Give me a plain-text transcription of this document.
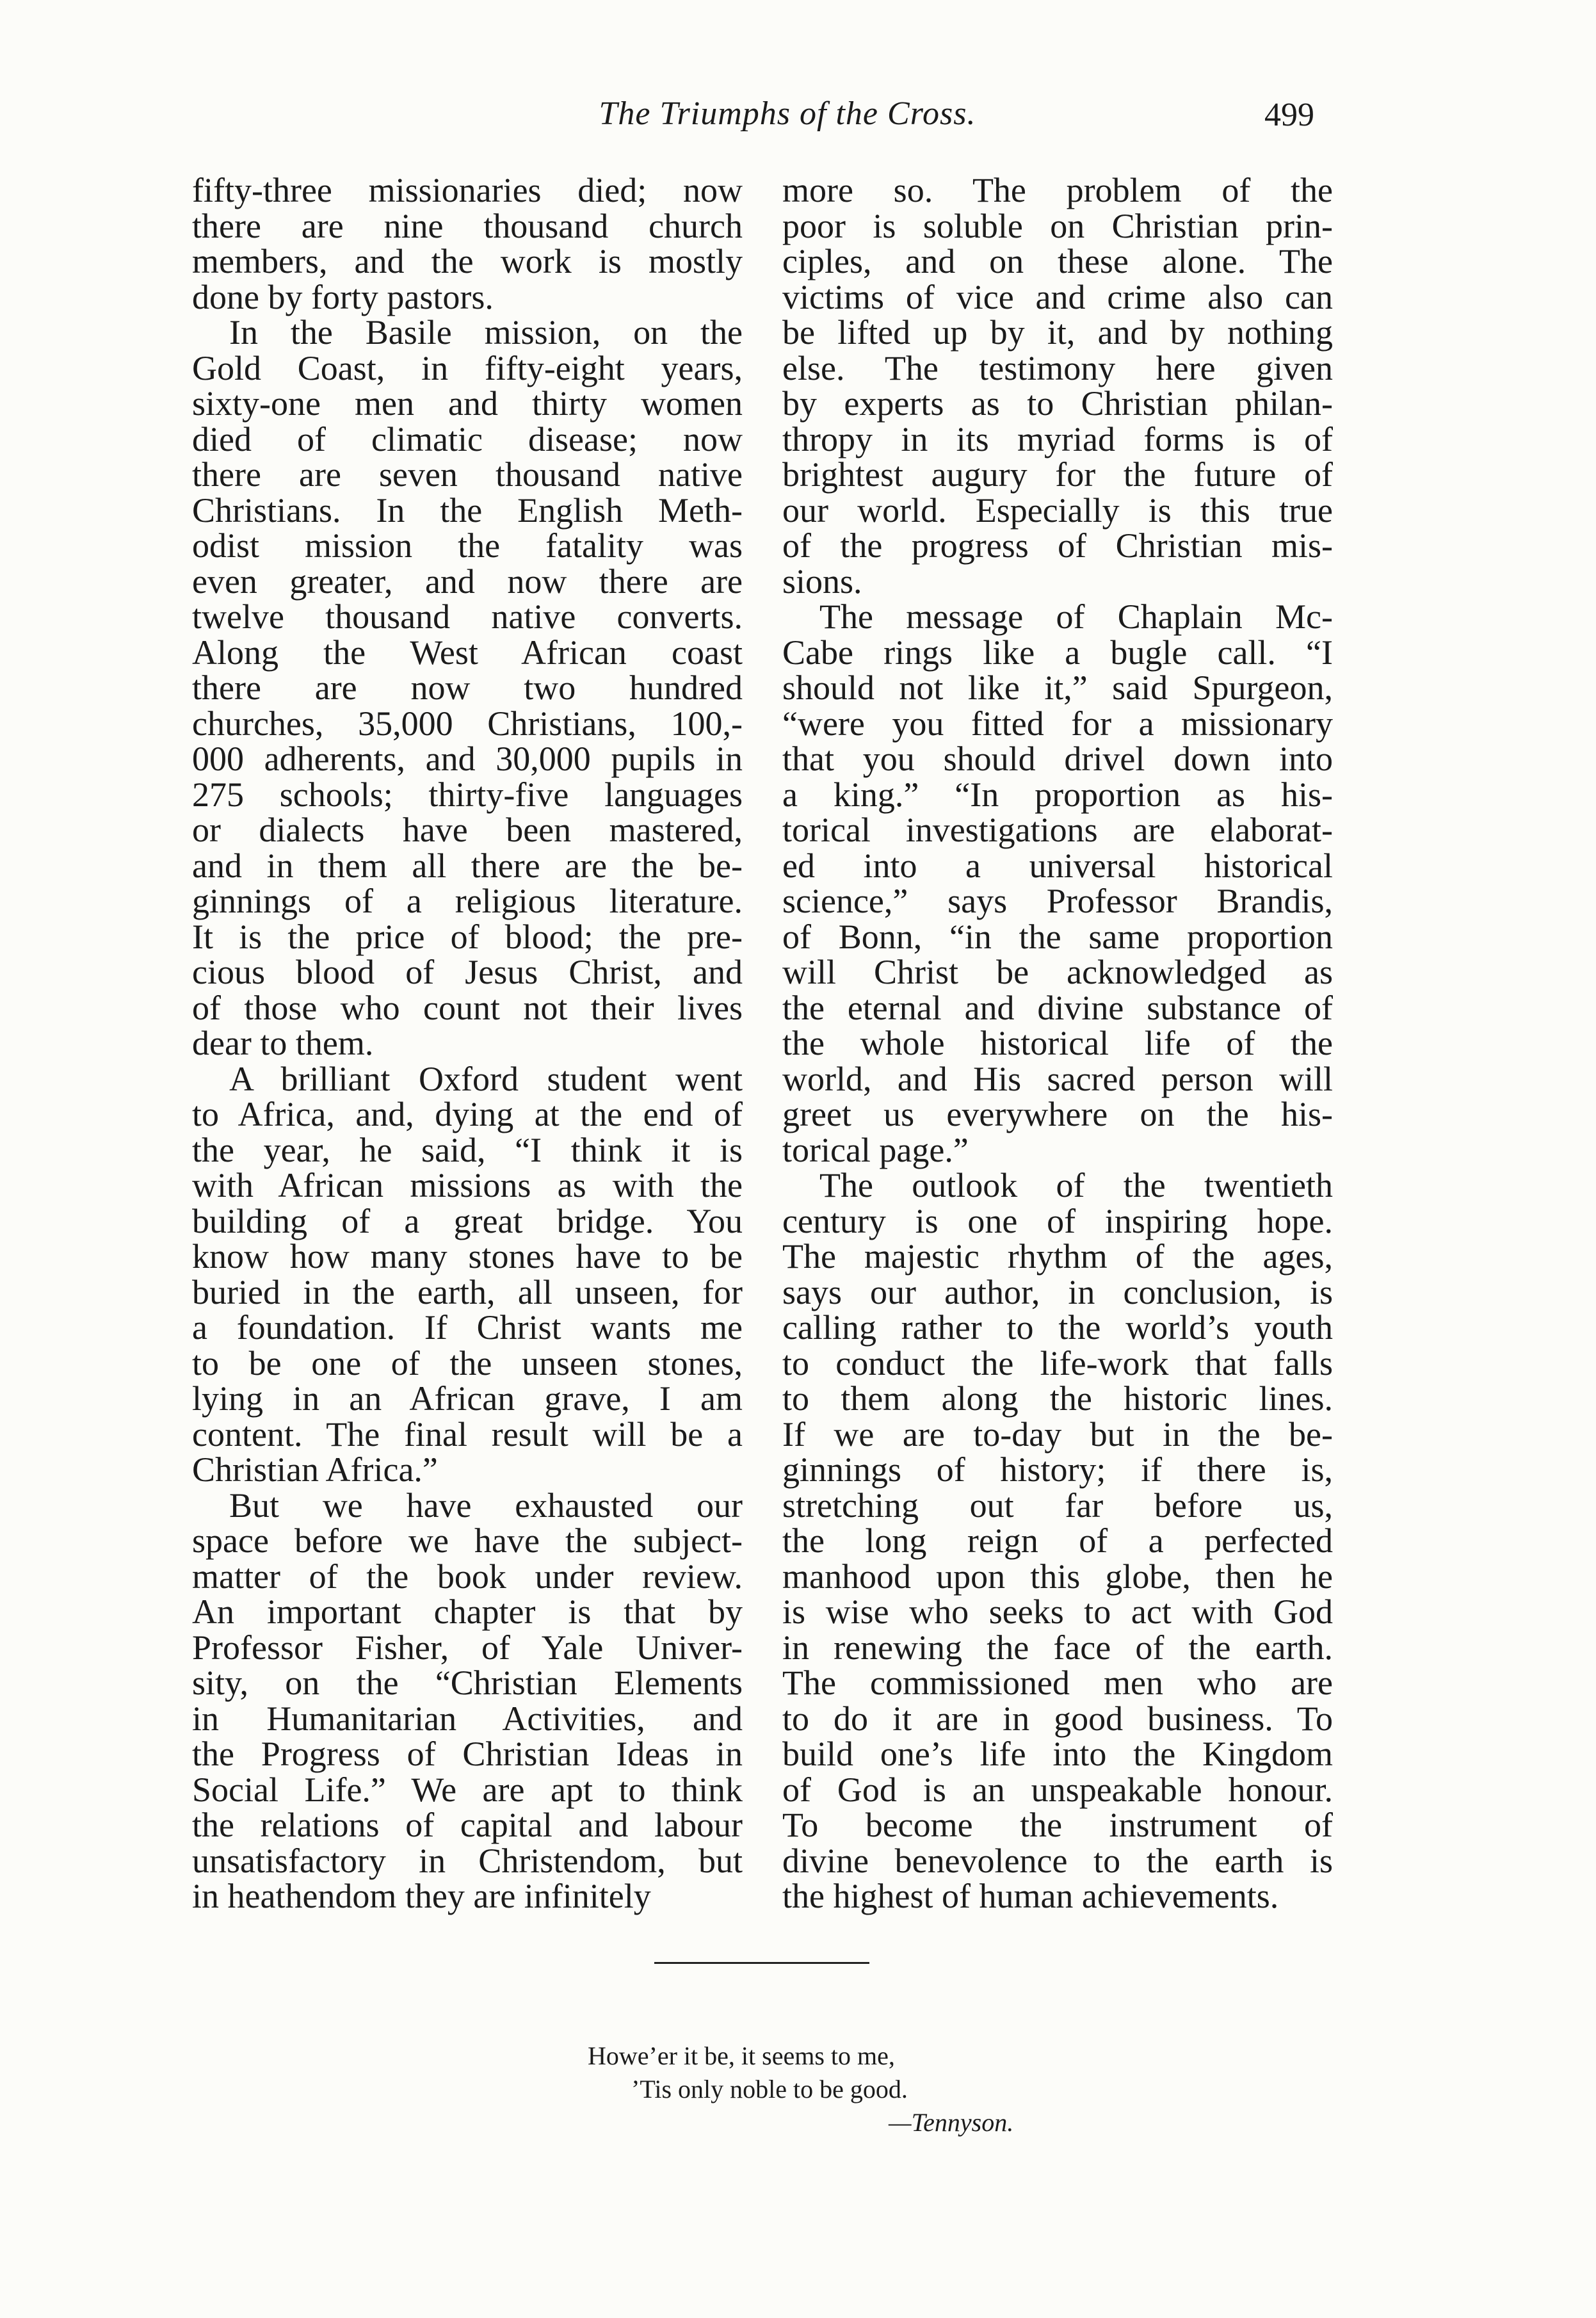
The Triumphs of the Cross.	499

fifty-three missionaries died; now
there are nine thousand church
members, and the work is mostly
done by forty pastors.

In the Basile mission, on the
Gold Coast, in fifty-eight years,
sixty-one men and thirty women
died of climatic disease; now
there are seven thousand native
Christians. In the English Meth-
odist mission the fatality was
even greater, and now there are
twelve thousand native converts.
Along the West African coast
there are now two hundred
churches, 35,000 Christians, 100,-
000 adherents, and 30,000 pupils in
275 schools; thirty-five languages
or dialects have been mastered,
and in them all there are the be-
ginnings of a religious literature.
It is the price of blood; the pre-
cious blood of Jesus Christ, and
of those who count not their lives
dear to them.

A brilliant Oxford student went
to Africa, and, dying at the end of
the year, he said, “I think it is
with African missions as with the
building of a great bridge. You
know how many stones have to be
buried in the earth, all unseen, for
a foundation. If Christ wants me
to be one of the unseen stones,
lying in an African grave, I am
content. The final result will be a
Christian Africa.”

But we have exhausted our
space before we have the subject-
matter of the book under review.
An important chapter is that by
Professor Fisher, of Yale Univer-
sity, on the “Christian Elements
in Humanitarian Activities, and
the Progress of Christian Ideas in
Social Life.” We are apt to think
the relations of capital and labour
unsatisfactory in Christendom, but
in heathendom they are infinitely

more so. The problem of the
poor is soluble on Christian prin-
ciples, and on these alone. The
victims of vice and crime also can
be lifted up by it, and by nothing
else. The testimony here given
by experts as to Christian philan-
thropy in its myriad forms is of
brightest augury for the future of
our world. Especially is this true
of the progress of Christian mis-
sions.

The message of Chaplain Mc-
Cabe rings like a bugle call. “I
should not like it,” said Spurgeon,
“were you fitted for a missionary
that you should drivel down into
a king.” “In proportion as his-
torical investigations are elaborat-
ed into a universal historical
science,” says Professor Brandis,
of Bonn, “in the same proportion
will Christ be acknowledged as
the eternal and divine substance of
the whole historical life of the
world, and His sacred person will
greet us everywhere on the his-
torical page.”

The outlook of the twentieth
century is one of inspiring hope.
The majestic rhythm of the ages,
says our author, in conclusion, is
calling rather to the world’s youth
to conduct the life-work that falls
to them along the historic lines.
If we are to-day but in the be-
ginnings of history; if there is,
stretching out far before us,
the long reign of a perfected
manhood upon this globe, then he
is wise who seeks to act with God
in renewing the face of the earth.
The commissioned men who are
to do it are in good business. To
build one’s life into the Kingdom
of God is an unspeakable honour.
To become the instrument of
divine benevolence to the earth is
the highest of human achievements.

Howe’er it be, it seems to me,
’Tis only noble to be good.
—Tennyson.
